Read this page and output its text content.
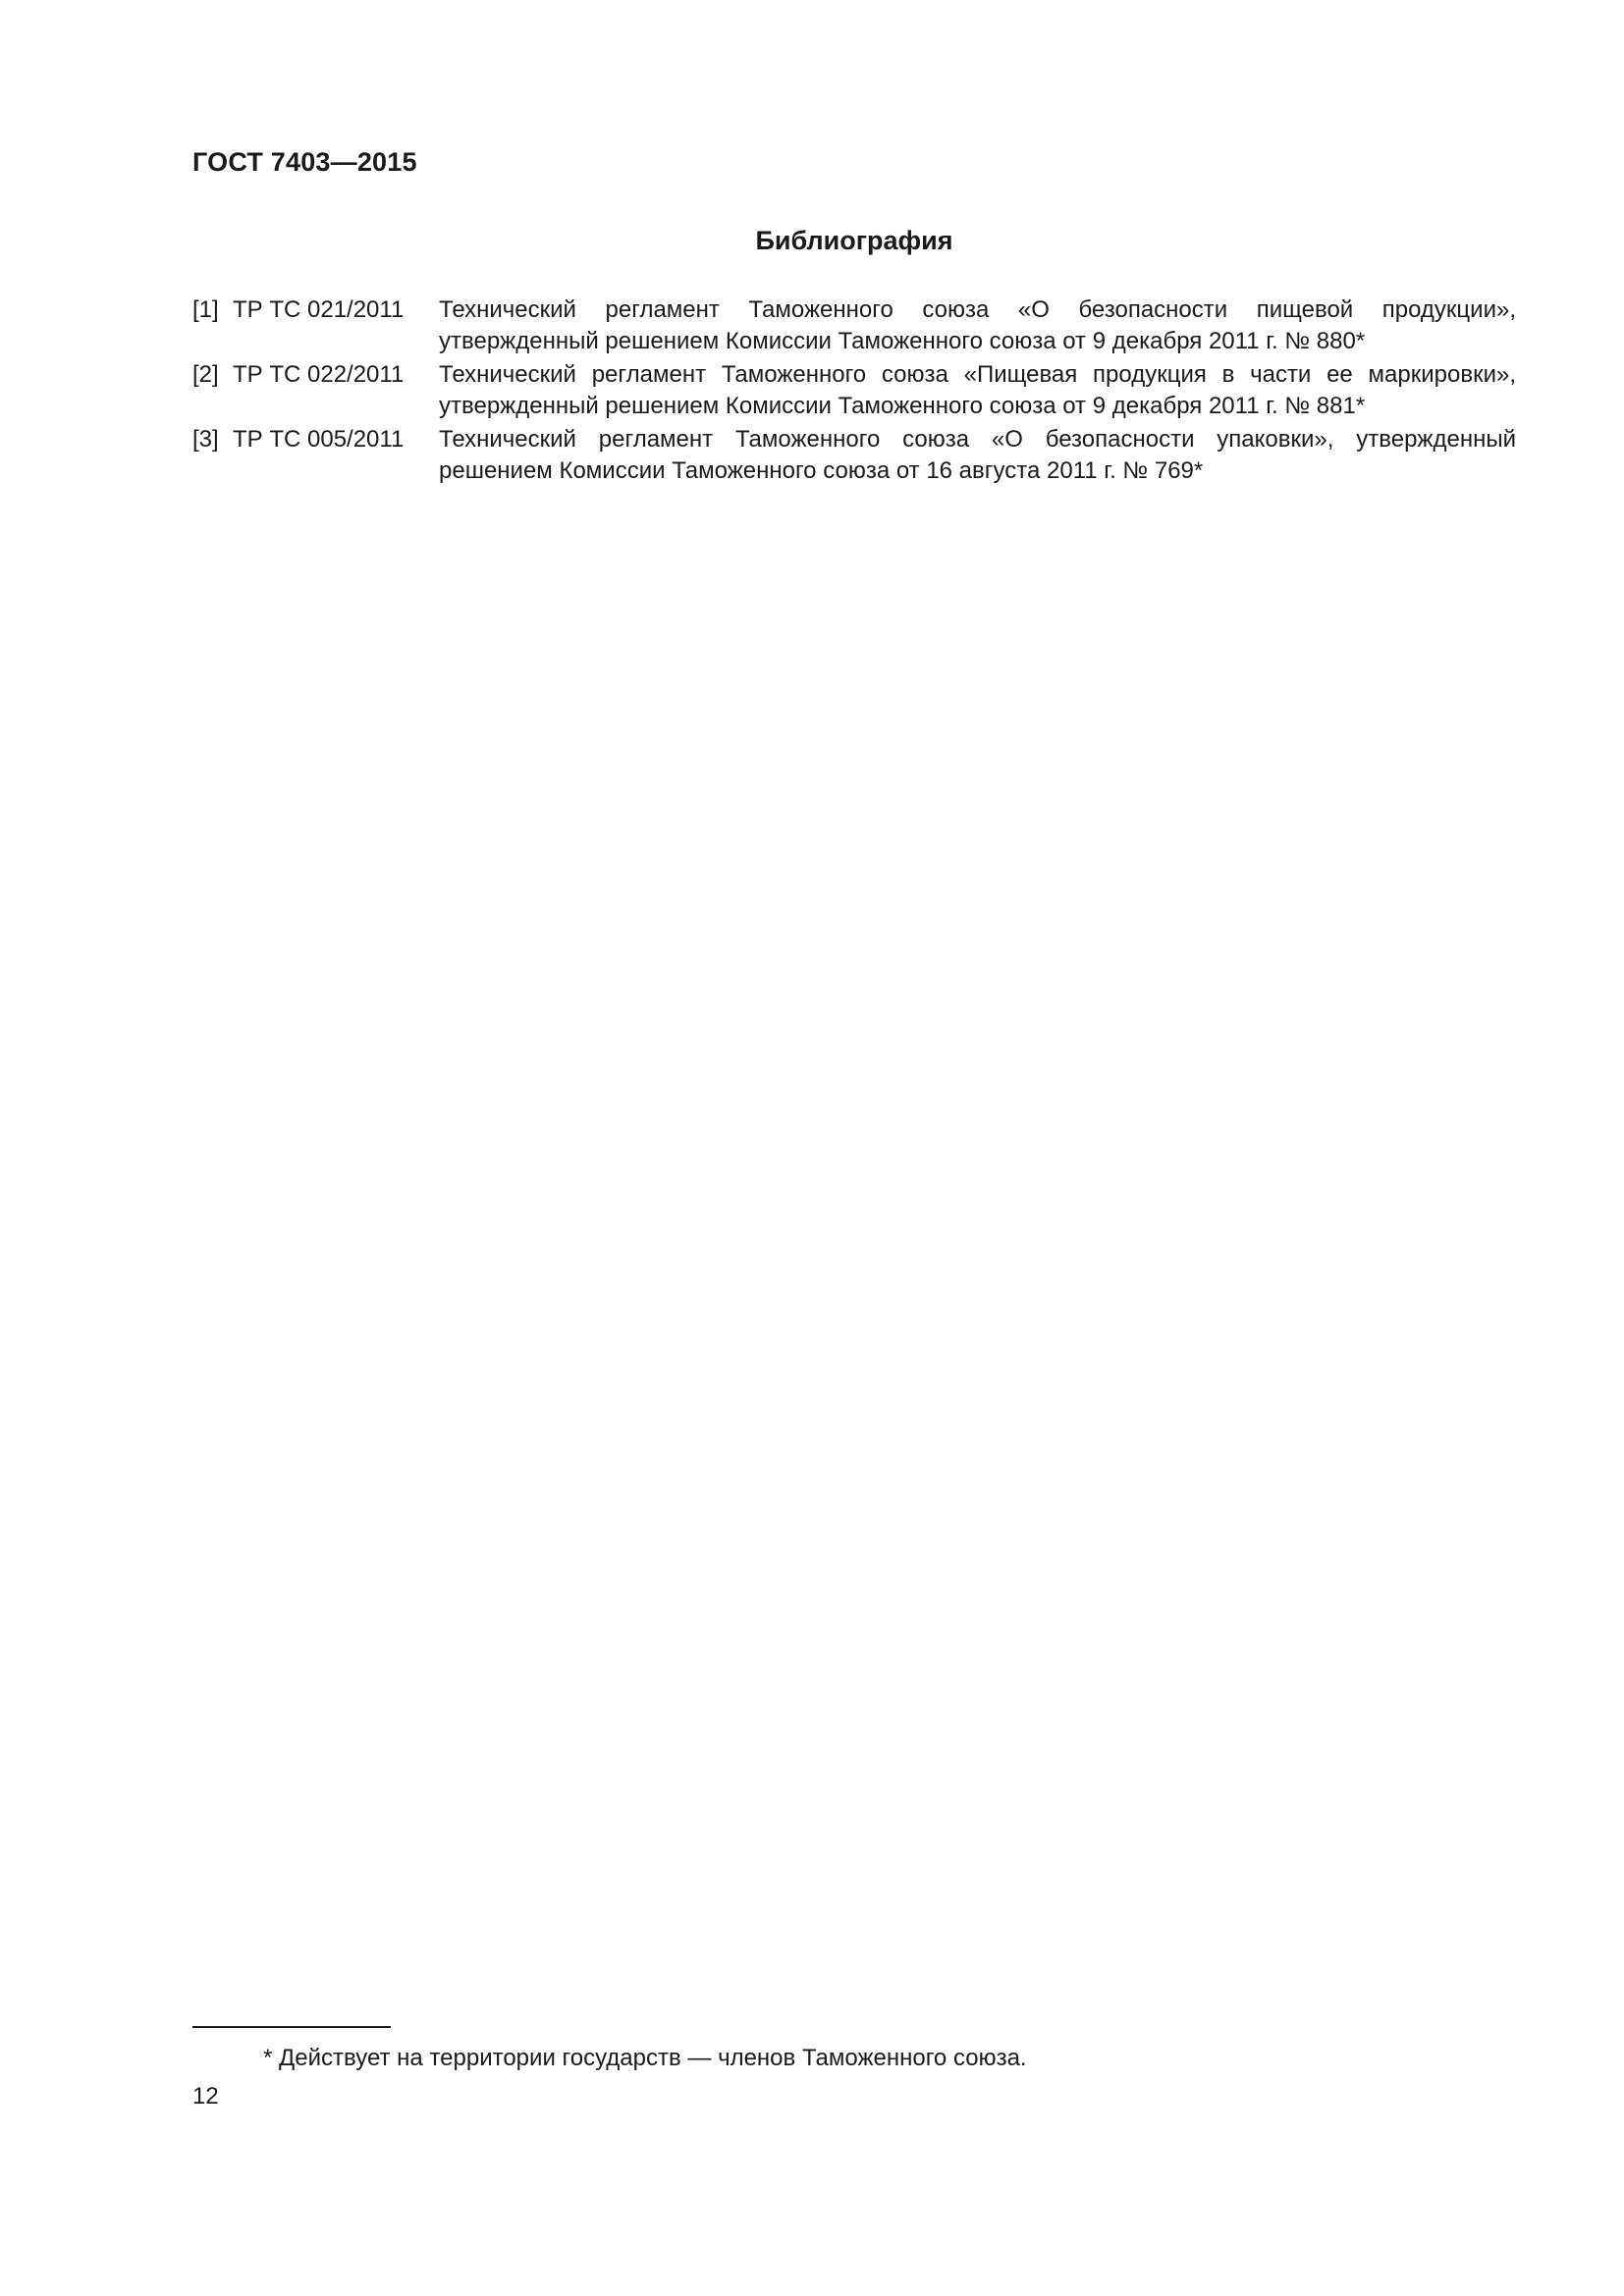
ГОСТ 7403—2015
Библиография
[1] ТР ТС 021/2011	Технический регламент Таможенного союза «О безопасности пищевой продукции», утвержденный решением Комиссии Таможенного союза от 9 декабря 2011 г. № 880*
[2] ТР ТС 022/2011	Технический регламент Таможенного союза «Пищевая продукция в части ее маркировки», утвержденный решением Комиссии Таможенного союза от 9 декабря 2011 г. № 881*
[3] ТР ТС 005/2011	Технический регламент Таможенного союза «О безопасности упаковки», утвержденный решением Комиссии Таможенного союза от 16 августа 2011 г. № 769*
* Действует на территории государств — членов Таможенного союза.
12
